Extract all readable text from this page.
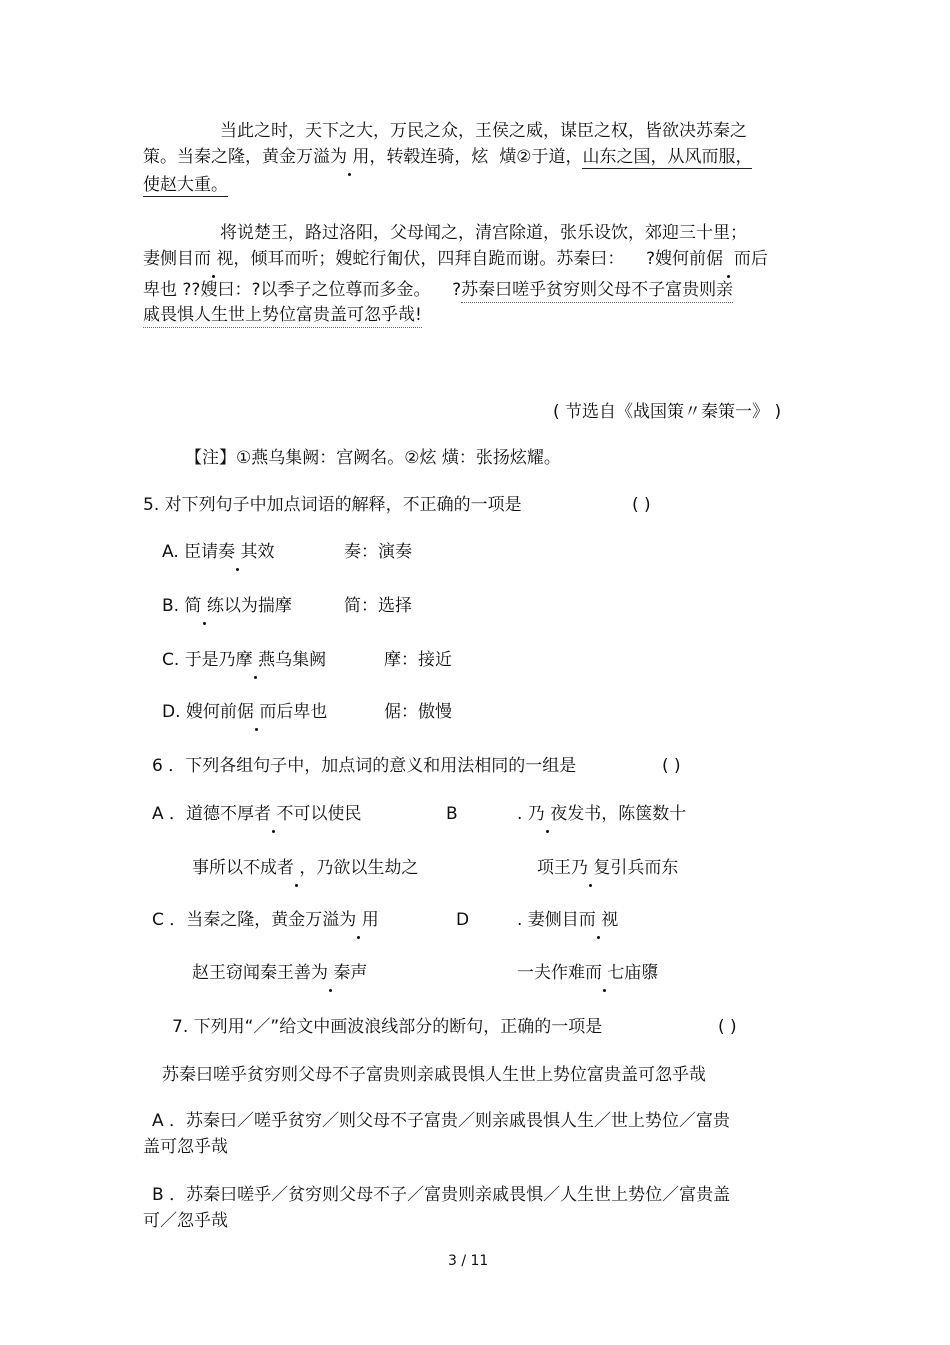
当此之时，天下之大，万民之众，王侯之威，谋臣之权，皆欲决苏秦之
策。当秦之隆，黄金万溢为 用，转毂连骑，炫 熿②于道，山东之国，从风而服，
使赵大重。
将说楚王，路过洛阳，父母闻之，清宫除道，张乐设饮，郊迎三十里；
妻侧目而 视，倾耳而听；嫂蛇行匍伏，四拜自跪而谢。苏秦曰： ?嫂何前倨 而后
卑也 ??嫂曰：?以季子之位尊而多金。 ?苏秦曰嗟乎贫穷则父母不子富贵则亲
戚畏惧人生世上势位富贵盖可忽乎哉!
( 节选自《战国策〃秦策一》 )
【注】①燕乌集阙：宫阙名。②炫 熿：张扬炫耀。
5. 对下列句子中加点词语的解释，不正确的一项是	( )
A. 臣请奏 其效	奏：演奏
B. 简 练以为揣摩	简：选择
C. 于是乃摩 燕乌集阙	摩：接近
D. 嫂何前倨 而后卑也	倨：傲慢
6 ．下列各组句子中，加点词的意义和用法相同的一组是	( )
A ．道德不厚者 不可以使民	B	. 乃 夜发书，陈箧数十
事所以不成者 ，乃欲以生劫之	项王乃 复引兵而东
C ．当秦之隆，黄金万溢为 用	D	. 妻侧目而 视
赵王窃闻秦王善为 秦声	一夫作难而 七庙隳
7. 下列用“／”给文中画波浪线部分的断句，正确的一项是	( )
苏秦曰嗟乎贫穷则父母不子富贵则亲戚畏惧人生世上势位富贵盖可忽乎哉
A ．苏秦曰／嗟乎贫穷／则父母不子富贵／则亲戚畏惧人生／世上势位／富贵
盖可忽乎哉
B ．苏秦曰嗟乎／贫穷则父母不子／富贵则亲戚畏惧／人生世上势位／富贵盖
可／忽乎哉
3 / 11
